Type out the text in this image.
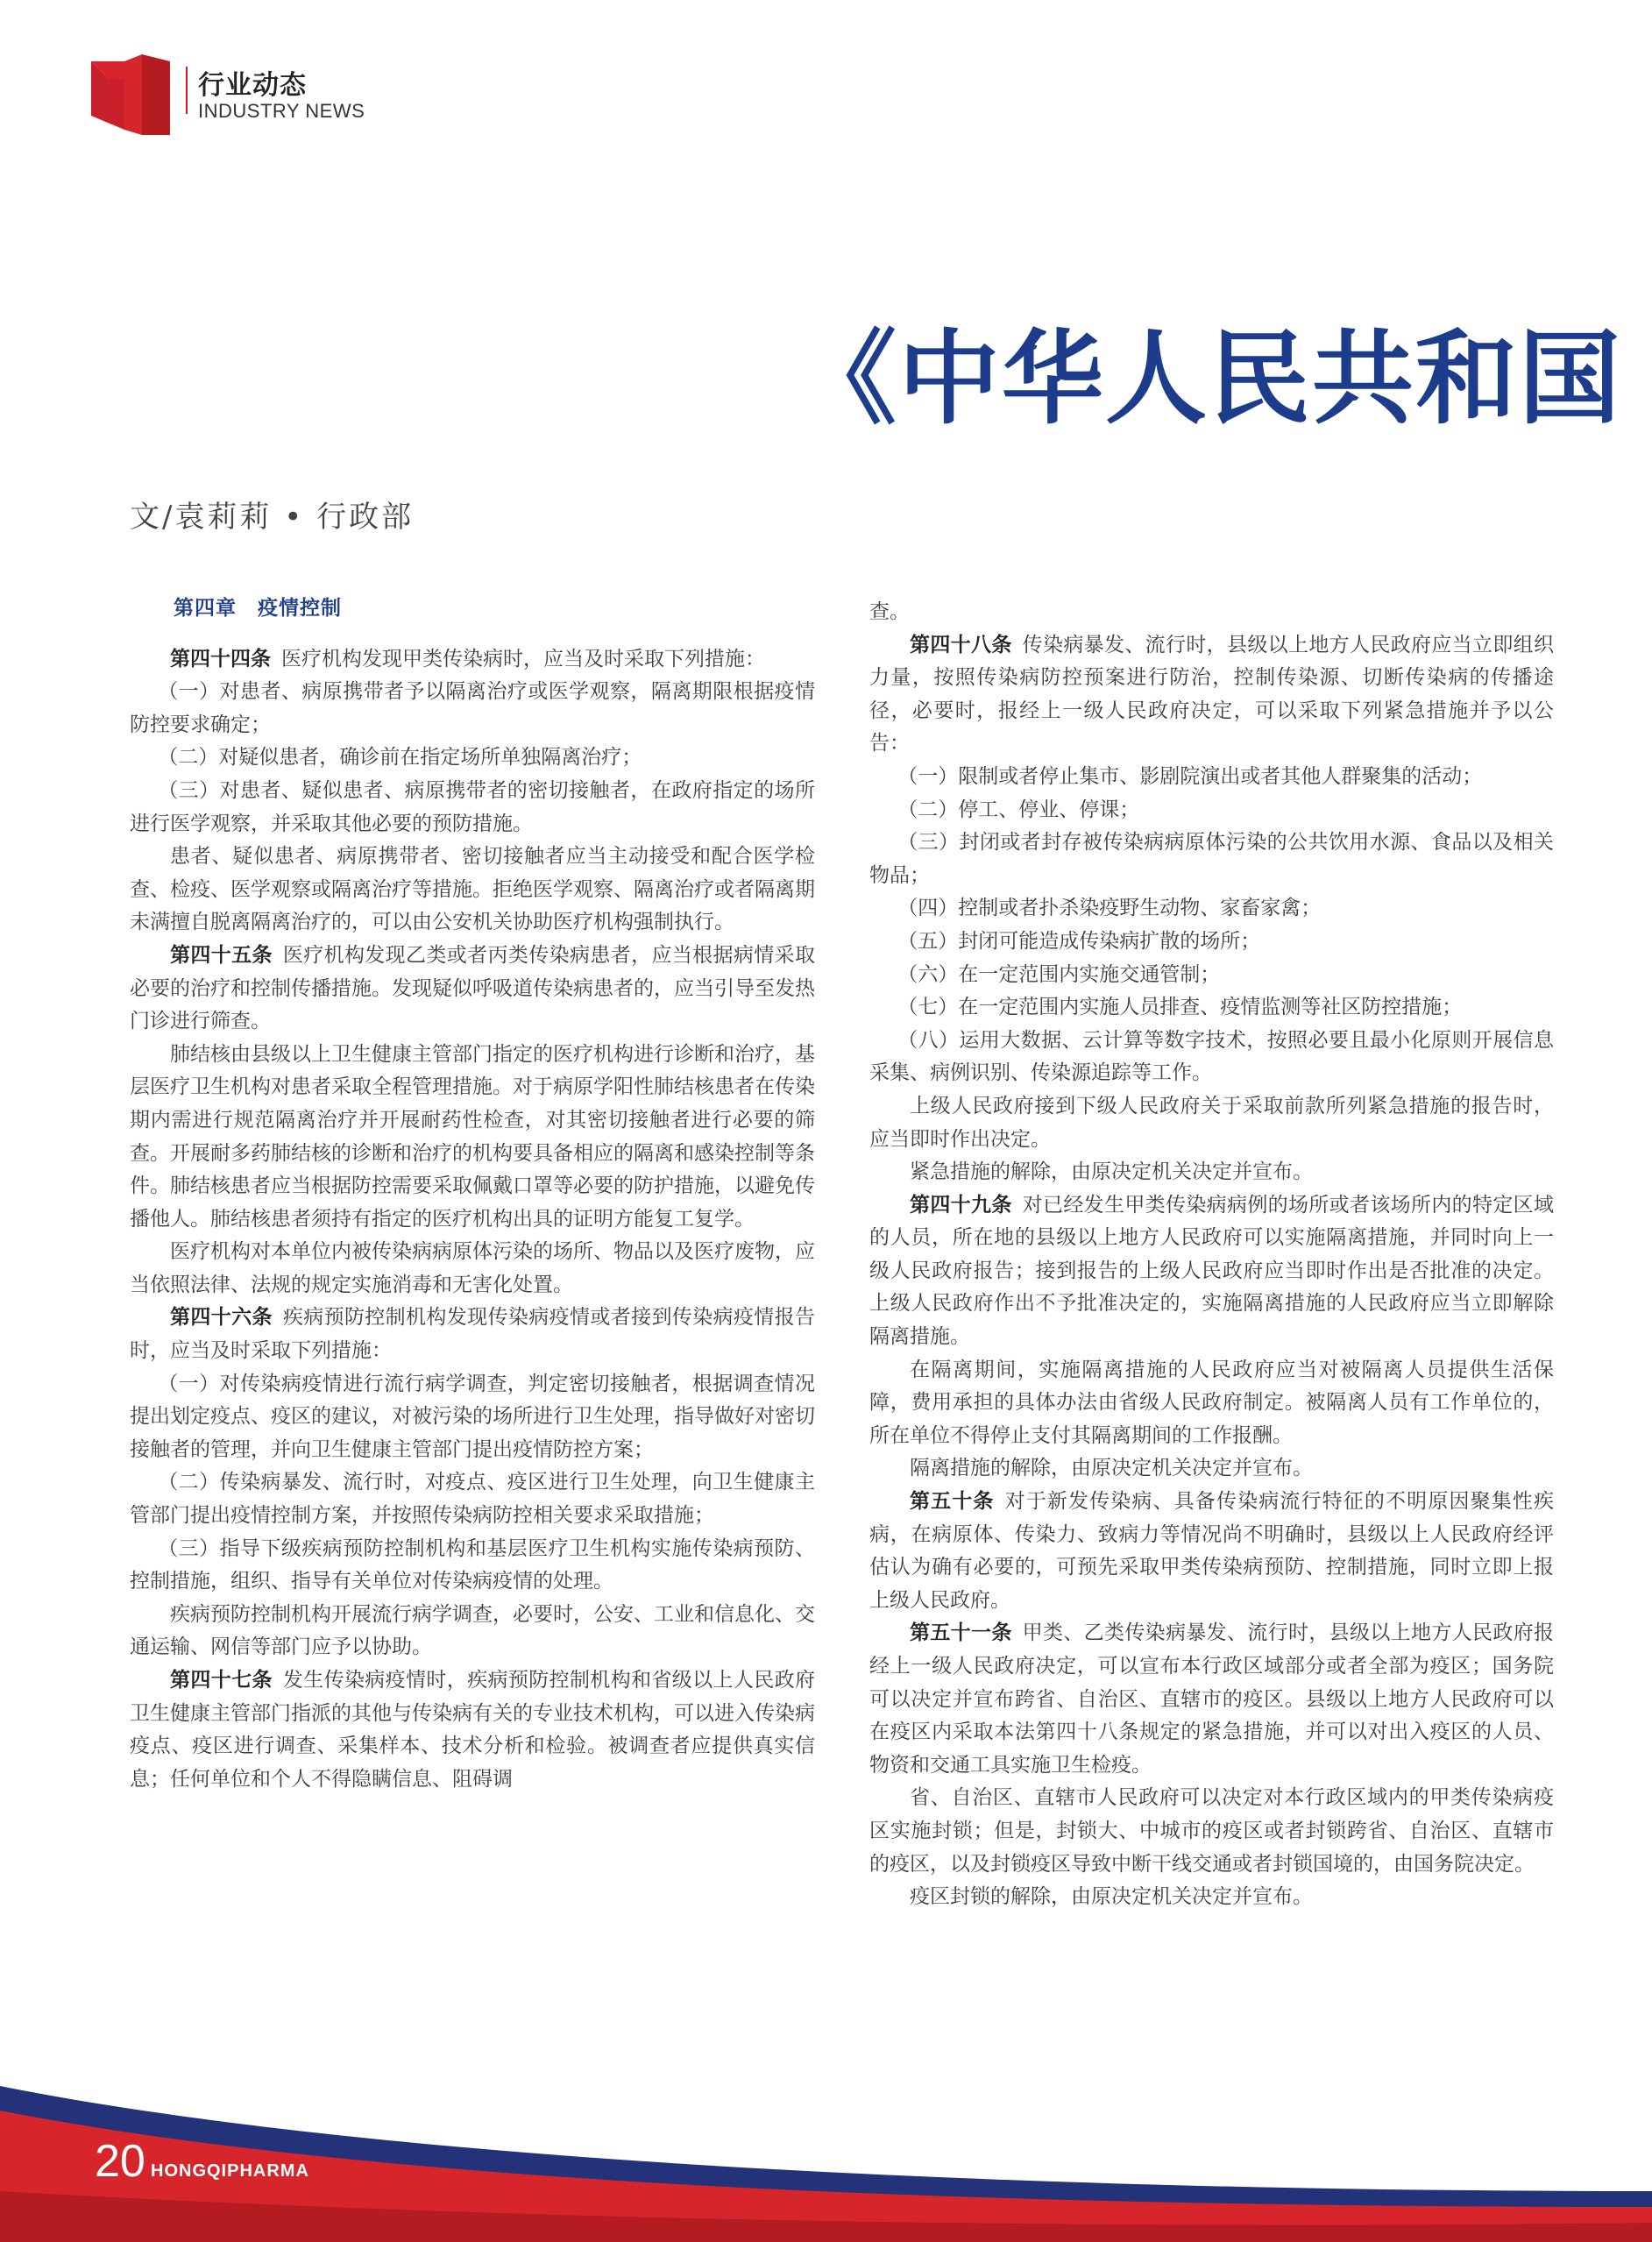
行业动态
INDUSTRY NEWS
《中华人民共和国
文/袁莉莉 • 行政部
第四章　疫情控制

第四十四条 医疗机构发现甲类传染病时，应当及时采取下列措施：

（一）对患者、病原携带者予以隔离治疗或医学观察，隔离期限根据疫情防控要求确定；

（二）对疑似患者，确诊前在指定场所单独隔离治疗；

（三）对患者、疑似患者、病原携带者的密切接触者，在政府指定的场所进行医学观察，并采取其他必要的预防措施。

患者、疑似患者、病原携带者、密切接触者应当主动接受和配合医学检查、检疫、医学观察或隔离治疗等措施。拒绝医学观察、隔离治疗或者隔离期未满擅自脱离隔离治疗的，可以由公安机关协助医疗机构强制执行。

第四十五条 医疗机构发现乙类或者丙类传染病患者，应当根据病情采取必要的治疗和控制传播措施。发现疑似呼吸道传染病患者的，应当引导至发热门诊进行筛查。

肺结核由县级以上卫生健康主管部门指定的医疗机构进行诊断和治疗，基层医疗卫生机构对患者采取全程管理措施。对于病原学阳性肺结核患者在传染期内需进行规范隔离治疗并开展耐药性检查，对其密切接触者进行必要的筛查。开展耐多药肺结核的诊断和治疗的机构要具备相应的隔离和感染控制等条件。肺结核患者应当根据防控需要采取佩戴口罩等必要的防护措施，以避免传播他人。肺结核患者须持有指定的医疗机构出具的证明方能复工复学。

医疗机构对本单位内被传染病病原体污染的场所、物品以及医疗废物，应当依照法律、法规的规定实施消毒和无害化处置。

第四十六条 疾病预防控制机构发现传染病疫情或者接到传染病疫情报告时，应当及时采取下列措施：

（一）对传染病疫情进行流行病学调查，判定密切接触者，根据调查情况提出划定疫点、疫区的建议，对被污染的场所进行卫生处理，指导做好对密切接触者的管理，并向卫生健康主管部门提出疫情防控方案；

（二）传染病暴发、流行时，对疫点、疫区进行卫生处理，向卫生健康主管部门提出疫情控制方案，并按照传染病防控相关要求采取措施；

（三）指导下级疾病预防控制机构和基层医疗卫生机构实施传染病预防、控制措施，组织、指导有关单位对传染病疫情的处理。

疾病预防控制机构开展流行病学调查，必要时，公安、工业和信息化、交通运输、网信等部门应予以协助。

第四十七条 发生传染病疫情时，疾病预防控制机构和省级以上人民政府卫生健康主管部门指派的其他与传染病有关的专业技术机构，可以进入传染病疫点、疫区进行调查、采集样本、技术分析和检验。被调查者应提供真实信息；任何单位和个人不得隐瞒信息、阻碍调

查。

第四十八条 传染病暴发、流行时，县级以上地方人民政府应当立即组织力量，按照传染病防控预案进行防治，控制传染源、切断传染病的传播途径，必要时，报经上一级人民政府决定，可以采取下列紧急措施并予以公告：

（一）限制或者停止集市、影剧院演出或者其他人群聚集的活动；

（二）停工、停业、停课；

（三）封闭或者封存被传染病病原体污染的公共饮用水源、食品以及相关物品；

（四）控制或者扑杀染疫野生动物、家畜家禽；

（五）封闭可能造成传染病扩散的场所；

（六）在一定范围内实施交通管制；

（七）在一定范围内实施人员排查、疫情监测等社区防控措施；

（八）运用大数据、云计算等数字技术，按照必要且最小化原则开展信息采集、病例识别、传染源追踪等工作。

上级人民政府接到下级人民政府关于采取前款所列紧急措施的报告时，应当即时作出决定。

紧急措施的解除，由原决定机关决定并宣布。

第四十九条 对已经发生甲类传染病病例的场所或者该场所内的特定区域的人员，所在地的县级以上地方人民政府可以实施隔离措施，并同时向上一级人民政府报告；接到报告的上级人民政府应当即时作出是否批准的决定。上级人民政府作出不予批准决定的，实施隔离措施的人民政府应当立即解除隔离措施。

在隔离期间，实施隔离措施的人民政府应当对被隔离人员提供生活保障，费用承担的具体办法由省级人民政府制定。被隔离人员有工作单位的，所在单位不得停止支付其隔离期间的工作报酬。

隔离措施的解除，由原决定机关决定并宣布。

第五十条 对于新发传染病、具备传染病流行特征的不明原因聚集性疾病，在病原体、传染力、致病力等情况尚不明确时，县级以上人民政府经评估认为确有必要的，可预先采取甲类传染病预防、控制措施，同时立即上报上级人民政府。

第五十一条 甲类、乙类传染病暴发、流行时，县级以上地方人民政府报经上一级人民政府决定，可以宣布本行政区域部分或者全部为疫区；国务院可以决定并宣布跨省、自治区、直辖市的疫区。县级以上地方人民政府可以在疫区内采取本法第四十八条规定的紧急措施，并可以对出入疫区的人员、物资和交通工具实施卫生检疫。

省、自治区、直辖市人民政府可以决定对本行政区域内的甲类传染病疫区实施封锁；但是，封锁大、中城市的疫区或者封锁跨省、自治区、直辖市的疫区，以及封锁疫区导致中断干线交通或者封锁国境的，由国务院决定。

疫区封锁的解除，由原决定机关决定并宣布。

20 HONGQIPHARMA
